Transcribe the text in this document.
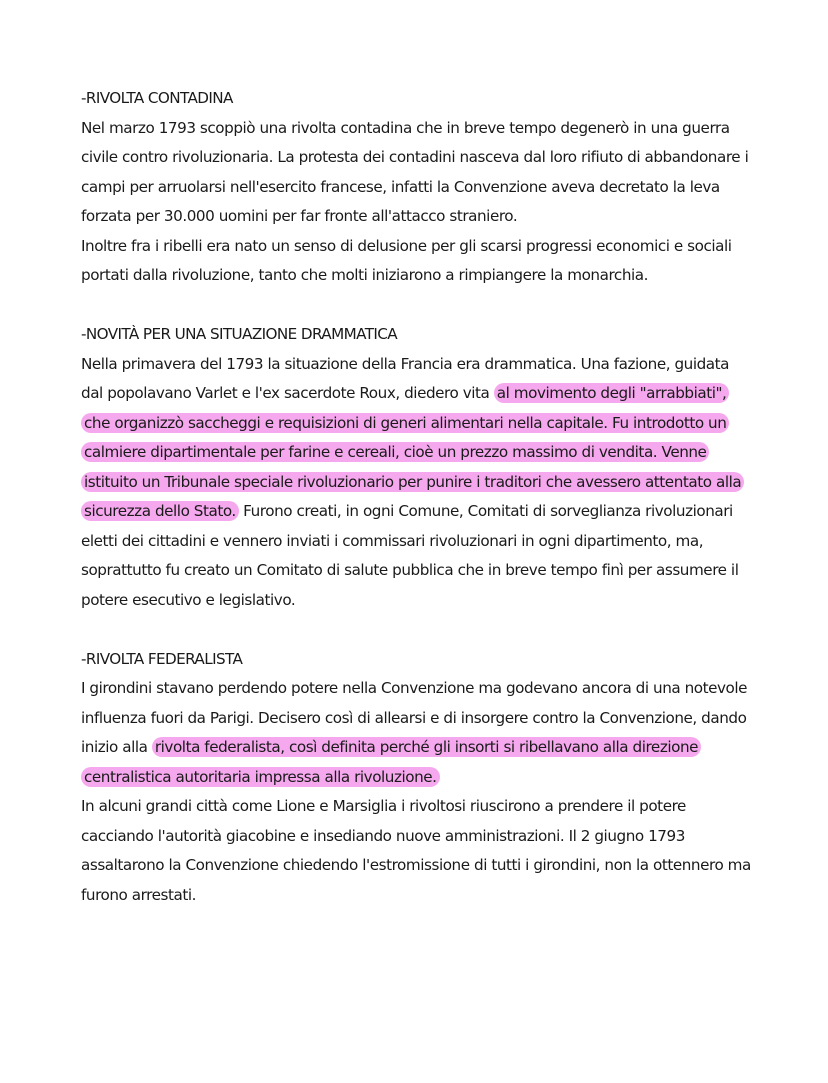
-RIVOLTA CONTADINA

Nel marzo 1793 scoppiò una rivolta contadina che in breve tempo degenerò in una guerra civile contro rivoluzionaria. La protesta dei contadini nasceva dal loro rifiuto di abbandonare i campi per arruolarsi nell'esercito francese, infatti la Convenzione aveva decretato la leva forzata per 30.000 uomini per far fronte all'attacco straniero.

Inoltre fra i ribelli era nato un senso di delusione per gli scarsi progressi economici e sociali portati dalla rivoluzione, tanto che molti iniziarono a rimpiangere la monarchia.

-NOVITÀ PER UNA SITUAZIONE DRAMMATICA

Nella primavera del 1793 la situazione della Francia era drammatica. Una fazione, guidata dal popolavano Varlet e l'ex sacerdote Roux, diedero vita al movimento degli "arrabbiati", che organizzò saccheggi e requisizioni di generi alimentari nella capitale. Fu introdotto un calmiere dipartimentale per farine e cereali, cioè un prezzo massimo di vendita. Venne istituito un Tribunale speciale rivoluzionario per punire i traditori che avessero attentato alla sicurezza dello Stato. Furono creati, in ogni Comune, Comitati di sorveglianza rivoluzionari eletti dei cittadini e vennero inviati i commissari rivoluzionari in ogni dipartimento, ma, soprattutto fu creato un Comitato di salute pubblica che in breve tempo finì per assumere il potere esecutivo e legislativo.

-RIVOLTA FEDERALISTA

I girondini stavano perdendo potere nella Convenzione ma godevano ancora di una notevole influenza fuori da Parigi. Decisero così di allearsi e di insorgere contro la Convenzione, dando inizio alla rivolta federalista, così definita perché gli insorti si ribellavano alla direzione centralistica autoritaria impressa alla rivoluzione.

In alcuni grandi città come Lione e Marsiglia i rivoltosi riuscirono a prendere il potere cacciando l'autorità giacobine e insediando nuove amministrazioni. Il 2 giugno 1793 assaltarono la Convenzione chiedendo l'estromissione di tutti i girondini, non la ottennero ma furono arrestati.
